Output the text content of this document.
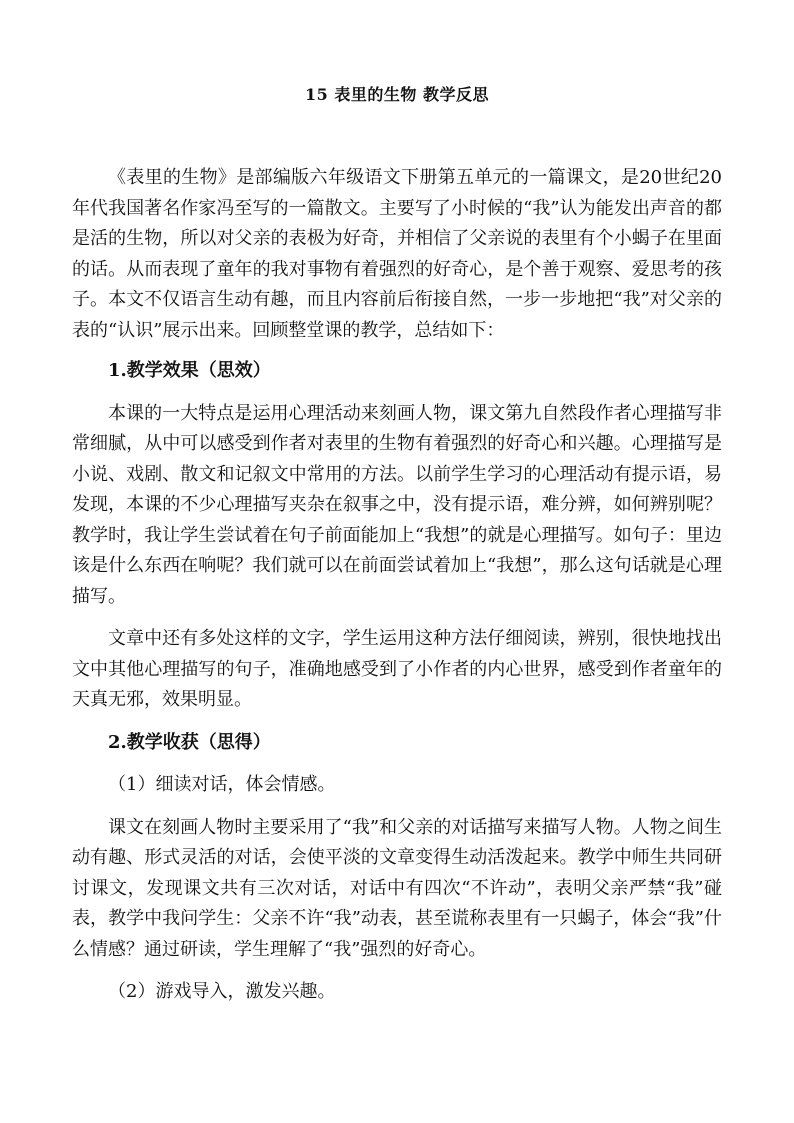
15 表里的生物 教学反思

《表里的生物》是部编版六年级语文下册第五单元的一篇课文，是20世纪20年代我国著名作家冯至写的一篇散文。主要写了小时候的“我”认为能发出声音的都是活的生物，所以对父亲的表极为好奇，并相信了父亲说的表里有个小蝎子在里面的话。从而表现了童年的我对事物有着强烈的好奇心，是个善于观察、爱思考的孩子。本文不仅语言生动有趣，而且内容前后衔接自然，一步一步地把“我”对父亲的表的“认识”展示出来。回顾整堂课的教学，总结如下：

1.教学效果（思效）

本课的一大特点是运用心理活动来刻画人物，课文第九自然段作者心理描写非常细腻，从中可以感受到作者对表里的生物有着强烈的好奇心和兴趣。心理描写是小说、戏剧、散文和记叙文中常用的方法。以前学生学习的心理活动有提示语，易发现，本课的不少心理描写夹杂在叙事之中，没有提示语，难分辨，如何辨别呢？教学时，我让学生尝试着在句子前面能加上“我想”的就是心理描写。如句子：里边该是什么东西在响呢？我们就可以在前面尝试着加上“我想”，那么这句话就是心理描写。

文章中还有多处这样的文字，学生运用这种方法仔细阅读，辨别，很快地找出文中其他心理描写的句子，准确地感受到了小作者的内心世界，感受到作者童年的天真无邪，效果明显。

2.教学收获（思得）

（1）细读对话，体会情感。

课文在刻画人物时主要采用了“我”和父亲的对话描写来描写人物。人物之间生动有趣、形式灵活的对话，会使平淡的文章变得生动活泼起来。教学中师生共同研讨课文，发现课文共有三次对话，对话中有四次“不许动”，表明父亲严禁“我”碰表，教学中我问学生：父亲不许“我”动表，甚至谎称表里有一只蝎子，体会“我”什么情感？通过研读，学生理解了“我”强烈的好奇心。

（2）游戏导入，激发兴趣。
